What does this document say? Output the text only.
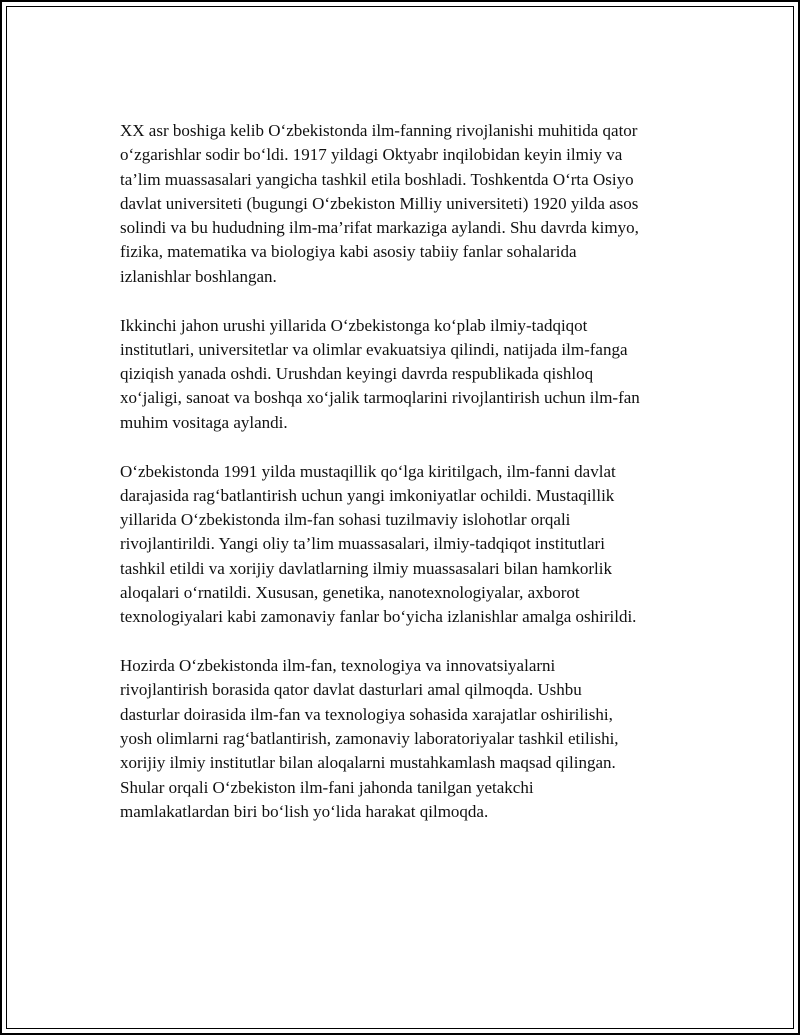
XX asr boshiga kelib O‘zbekistonda ilm-fanning rivojlanishi muhitida qator
o‘zgarishlar sodir bo‘ldi. 1917 yildagi Oktyabr inqilobidan keyin ilmiy va
ta’lim muassasalari yangicha tashkil etila boshladi. Toshkentda O‘rta Osiyo
davlat universiteti (bugungi O‘zbekiston Milliy universiteti) 1920 yilda asos
solindi va bu hududning ilm-ma’rifat markaziga aylandi. Shu davrda kimyo,
fizika, matematika va biologiya kabi asosiy tabiiy fanlar sohalarida
izlanishlar boshlangan.

Ikkinchi jahon urushi yillarida O‘zbekistonga ko‘plab ilmiy-tadqiqot
institutlari, universitetlar va olimlar evakuatsiya qilindi, natijada ilm-fanga
qiziqish yanada oshdi. Urushdan keyingi davrda respublikada qishloq
xo‘jaligi, sanoat va boshqa xo‘jalik tarmoqlarini rivojlantirish uchun ilm-fan
muhim vositaga aylandi.

O‘zbekistonda 1991 yilda mustaqillik qo‘lga kiritilgach, ilm-fanni davlat
darajasida rag‘batlantirish uchun yangi imkoniyatlar ochildi. Mustaqillik
yillarida O‘zbekistonda ilm-fan sohasi tuzilmaviy islohotlar orqali
rivojlantirildi. Yangi oliy ta’lim muassasalari, ilmiy-tadqiqot institutlari
tashkil etildi va xorijiy davlatlarning ilmiy muassasalari bilan hamkorlik
aloqalari o‘rnatildi. Xususan, genetika, nanotexnologiyalar, axborot
texnologiyalari kabi zamonaviy fanlar bo‘yicha izlanishlar amalga oshirildi.

Hozirda O‘zbekistonda ilm-fan, texnologiya va innovatsiyalarni
rivojlantirish borasida qator davlat dasturlari amal qilmoqda. Ushbu
dasturlar doirasida ilm-fan va texnologiya sohasida xarajatlar oshirilishi,
yosh olimlarni rag‘batlantirish, zamonaviy laboratoriyalar tashkil etilishi,
xorijiy ilmiy institutlar bilan aloqalarni mustahkamlash maqsad qilingan.
Shular orqali O‘zbekiston ilm-fani jahonda tanilgan yetakchi
mamlakatlardan biri bo‘lish yo‘lida harakat qilmoqda.
